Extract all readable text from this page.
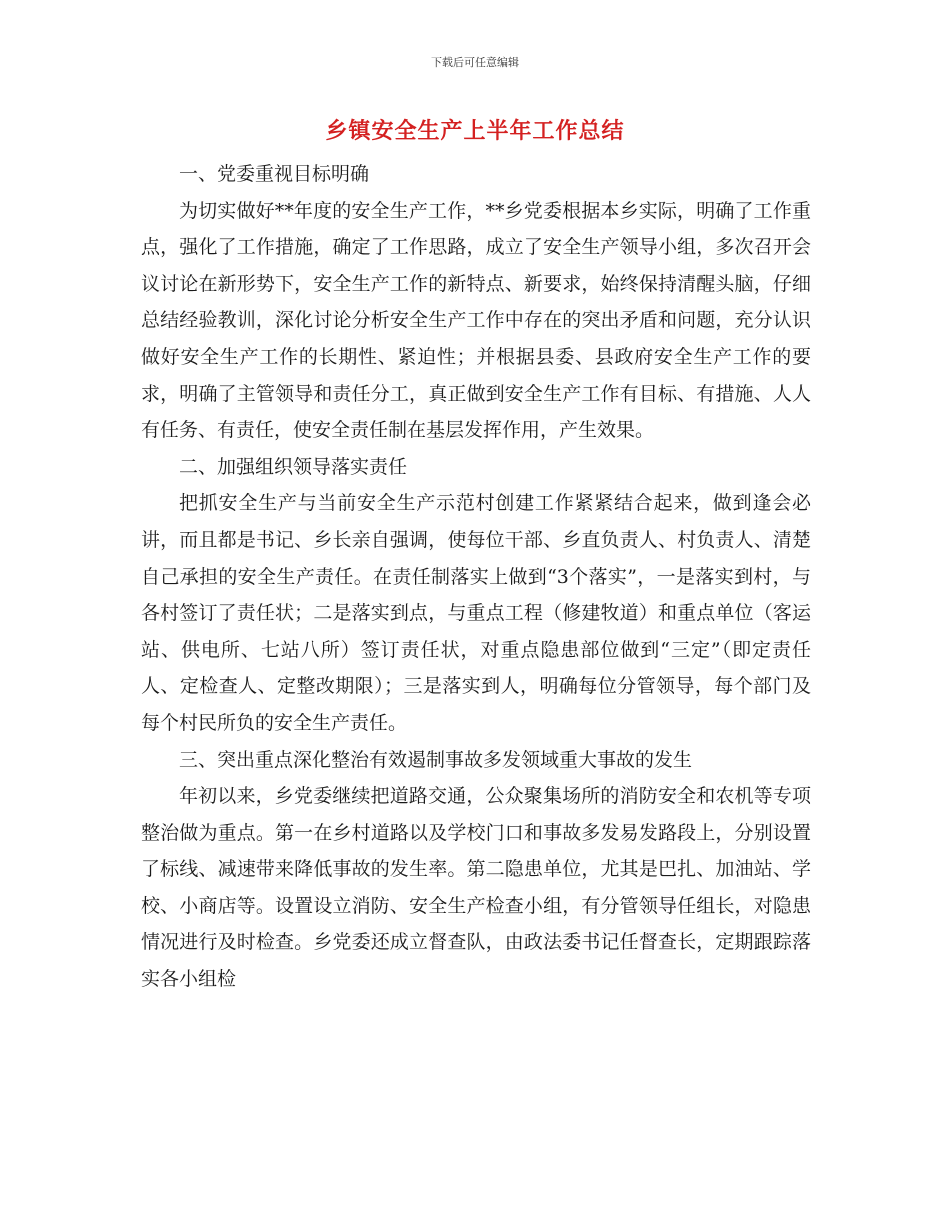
下载后可任意编辑
乡镇安全生产上半年工作总结

一、党委重视目标明确

为切实做好**年度的安全生产工作，**乡党委根据本乡实际，明确了工作重点，强化了工作措施，确定了工作思路，成立了安全生产领导小组，多次召开会议讨论在新形势下，安全生产工作的新特点、新要求，始终保持清醒头脑，仔细总结经验教训，深化讨论分析安全生产工作中存在的突出矛盾和问题，充分认识做好安全生产工作的长期性、紧迫性；并根据县委、县政府安全生产工作的要求，明确了主管领导和责任分工，真正做到安全生产工作有目标、有措施、人人有任务、有责任，使安全责任制在基层发挥作用，产生效果。

二、加强组织领导落实责任

把抓安全生产与当前安全生产示范村创建工作紧紧结合起来，做到逢会必讲，而且都是书记、乡长亲自强调，使每位干部、乡直负责人、村负责人、清楚自己承担的安全生产责任。在责任制落实上做到“3个落实”，一是落实到村，与各村签订了责任状；二是落实到点，与重点工程（修建牧道）和重点单位（客运站、供电所、七站八所）签订责任状，对重点隐患部位做到“三定”（即定责任人、定检查人、定整改期限）；三是落实到人，明确每位分管领导，每个部门及每个村民所负的安全生产责任。

三、突出重点深化整治有效遏制事故多发领域重大事故的发生

年初以来，乡党委继续把道路交通，公众聚集场所的消防安全和农机等专项整治做为重点。第一在乡村道路以及学校门口和事故多发易发路段上，分别设置了标线、减速带来降低事故的发生率。第二隐患单位，尤其是巴扎、加油站、学校、小商店等。设置设立消防、安全生产检查小组，有分管领导任组长，对隐患情况进行及时检查。乡党委还成立督查队，由政法委书记任督查长，定期跟踪落实各小组检
